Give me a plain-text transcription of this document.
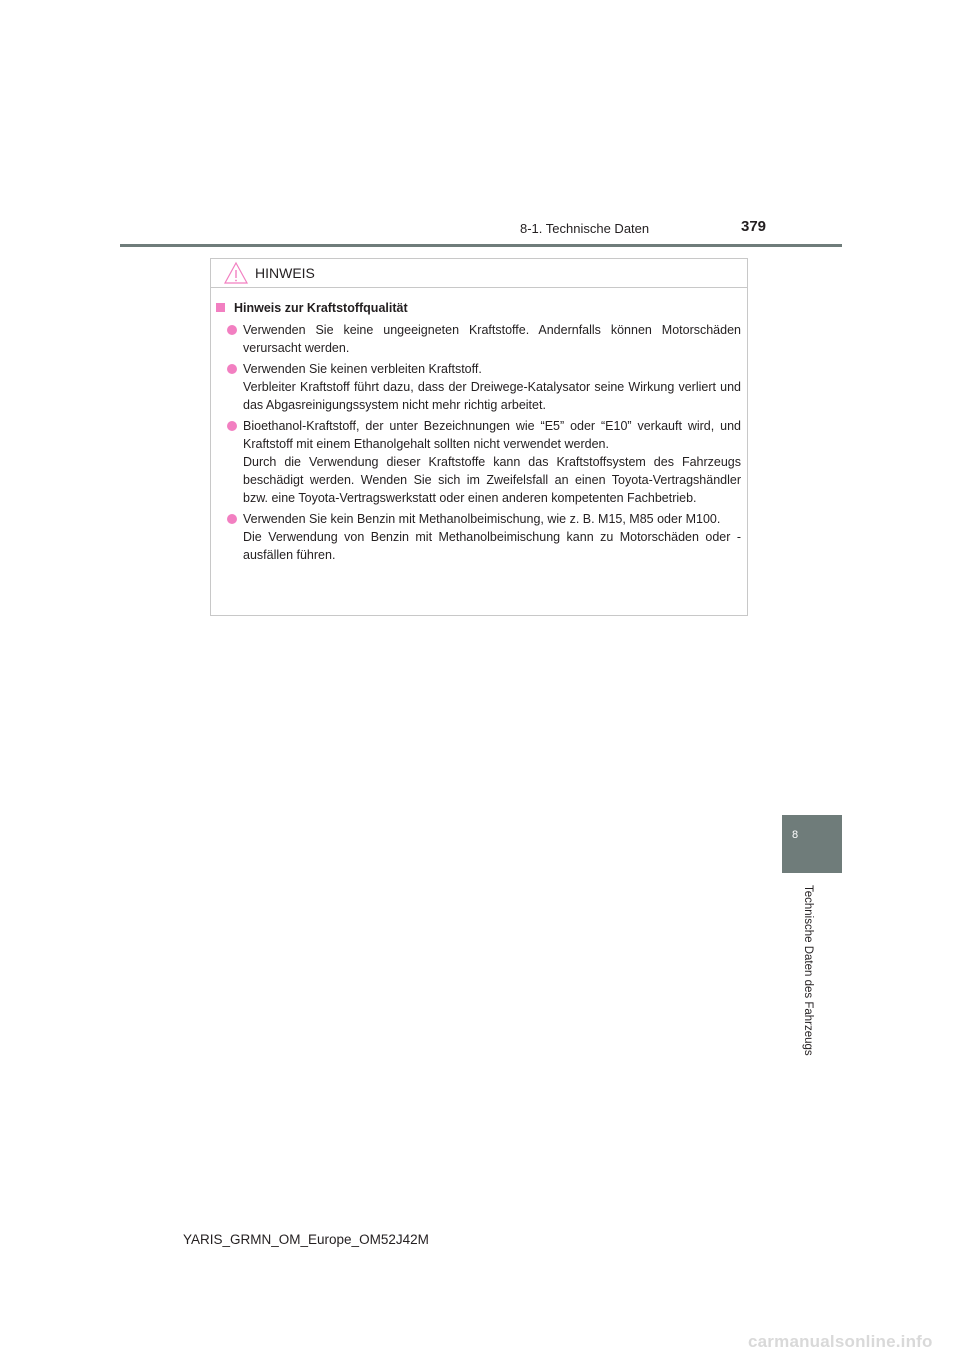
8-1. Technische Daten	379
HINWEIS
Hinweis zur Kraftstoffqualität

Verwenden Sie keine ungeeigneten Kraftstoffe. Andernfalls können Motorschäden verursacht werden.

Verwenden Sie keinen verbleiten Kraftstoff.

Verbleiter Kraftstoff führt dazu, dass der Dreiwege-Katalysator seine Wirkung verliert und das Abgasreinigungssystem nicht mehr richtig arbeitet.

Bioethanol-Kraftstoff, der unter Bezeichnungen wie “E5” oder “E10” verkauft wird, und Kraftstoff mit einem Ethanolgehalt sollten nicht verwendet werden.

Durch die Verwendung dieser Kraftstoffe kann das Kraftstoffsystem des Fahrzeugs beschädigt werden. Wenden Sie sich im Zweifelsfall an einen Toyota-Vertragshändler bzw. eine Toyota-Vertragswerkstatt oder einen anderen kompetenten Fachbetrieb.

Verwenden Sie kein Benzin mit Methanolbeimischung, wie z. B. M15, M85 oder M100.

Die Verwendung von Benzin mit Methanolbeimischung kann zu Motorschäden oder -ausfällen führen.

8
Technische Daten des Fahrzeugs
YARIS_GRMN_OM_Europe_OM52J42M
carmanualsonline.info
